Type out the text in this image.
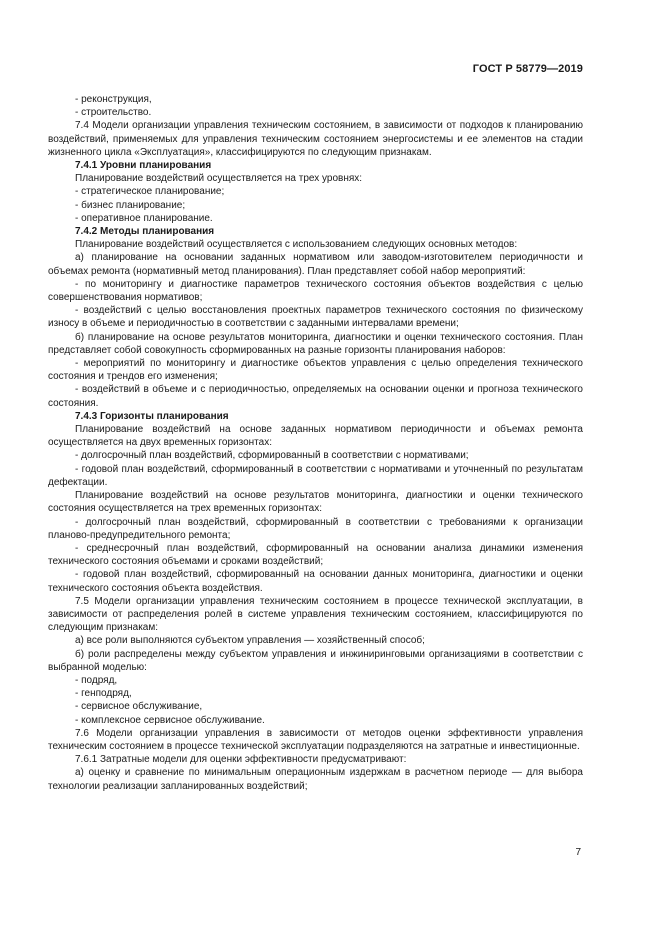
ГОСТ Р 58779—2019

- реконструкция,

- строительство.

7.4 Модели организации управления техническим состоянием, в зависимости от подходов к планированию воздействий, применяемых для управления техническим состоянием энергосистемы и ее элементов на стадии жизненного цикла «Эксплуатация», классифицируются по следующим признакам.

7.4.1 Уровни планирования

Планирование воздействий осуществляется на трех уровнях:

- стратегическое планирование;

- бизнес планирование;

- оперативное планирование.

7.4.2 Методы планирования

Планирование воздействий осуществляется с использованием следующих основных методов:

а) планирование на основании заданных нормативом или заводом-изготовителем периодичности и объемах ремонта (нормативный метод планирования). План представляет собой набор мероприятий:

- по мониторингу и диагностике параметров технического состояния объектов воздействия с целью совершенствования нормативов;

- воздействий с целью восстановления проектных параметров технического состояния по физическому износу в объеме и периодичностью в соответствии с заданными интервалами времени;

б) планирование на основе результатов мониторинга, диагностики и оценки технического состояния. План представляет собой совокупность сформированных на разные горизонты планирования наборов:

- мероприятий по мониторингу и диагностике объектов управления с целью определения технического состояния и трендов его изменения;

- воздействий в объеме и с периодичностью, определяемых на основании оценки и прогноза технического состояния.

7.4.3 Горизонты планирования

Планирование воздействий на основе заданных нормативом периодичности и объемах ремонта осуществляется на двух временных горизонтах:

- долгосрочный план воздействий, сформированный в соответствии с нормативами;

- годовой план воздействий, сформированный в соответствии с нормативами и уточненный по результатам дефектации.

Планирование воздействий на основе результатов мониторинга, диагностики и оценки технического состояния осуществляется на трех временных горизонтах:

- долгосрочный план воздействий, сформированный в соответствии с требованиями к организации планово-предупредительного ремонта;

- среднесрочный план воздействий, сформированный на основании анализа динамики изменения технического состояния объемами и сроками воздействий;

- годовой план воздействий, сформированный на основании данных мониторинга, диагностики и оценки технического состояния объекта воздействия.

7.5 Модели организации управления техническим состоянием в процессе технической эксплуатации, в зависимости от распределения ролей в системе управления техническим состоянием, классифицируются по следующим признакам:

а) все роли выполняются субъектом управления — хозяйственный способ;

б) роли распределены между субъектом управления и инжиниринговыми организациями в соответствии с выбранной моделью:

- подряд,

- генподряд,

- сервисное обслуживание,

- комплексное сервисное обслуживание.

7.6 Модели организации управления в зависимости от методов оценки эффективности управления техническим состоянием в процессе технической эксплуатации подразделяются на затратные и инвестиционные.

7.6.1 Затратные модели для оценки эффективности предусматривают:

а) оценку и сравнение по минимальным операционным издержкам в расчетном периоде — для выбора технологии реализации запланированных воздействий;

7
